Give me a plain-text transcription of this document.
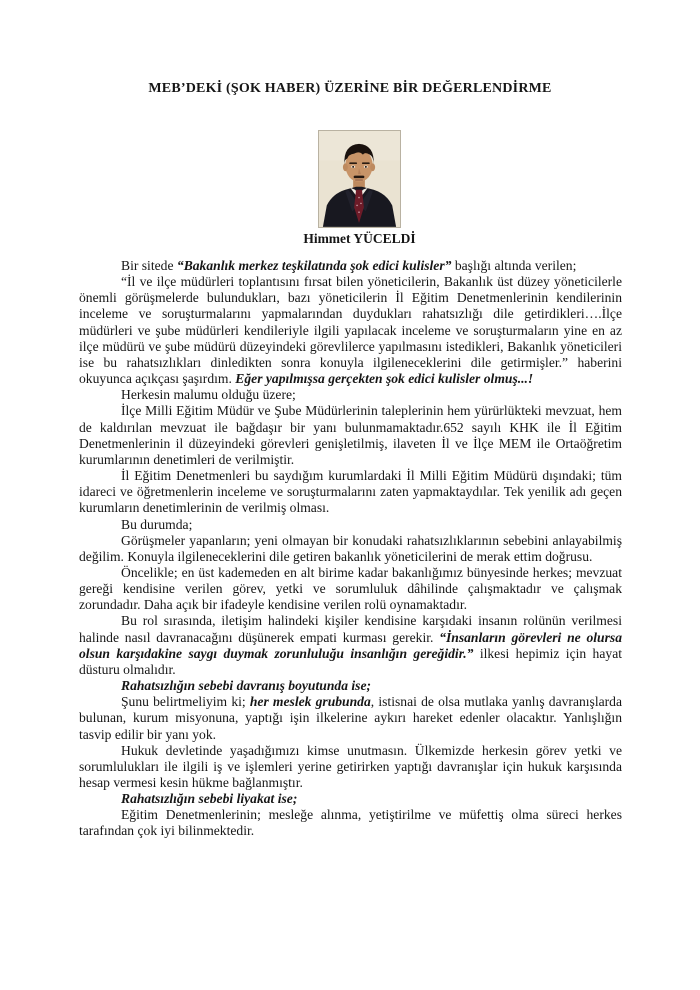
MEB’DEKİ (ŞOK HABER) ÜZERİNE BİR DEĞERLENDİRME
Himmet YÜCELDİ

Bir sitede “Bakanlık merkez teşkilatında şok edici kulisler” başlığı altında verilen;

“İl ve ilçe müdürleri toplantısını fırsat bilen yöneticilerin, Bakanlık üst düzey yöneticilerle önemli görüşmelerde bulundukları, bazı yöneticilerin İl Eğitim Denetmenlerinin kendilerinin inceleme ve soruşturmalarını yapmalarından duydukları rahatsızlığı dile getirdikleri….İlçe müdürleri ve şube müdürleri kendileriyle ilgili yapılacak inceleme ve soruşturmaların yine en az ilçe müdürü ve şube müdürü düzeyindeki görevlilerce yapılmasını istedikleri, Bakanlık yöneticileri ise bu rahatsızlıkları dinledikten sonra konuyla ilgileneceklerini dile getirmişler.” haberini okuyunca açıkçası şaşırdım. Eğer yapılmışsa gerçekten şok edici kulisler olmuş...!

Herkesin malumu olduğu üzere;

İlçe Milli Eğitim Müdür ve Şube Müdürlerinin taleplerinin hem yürürlükteki mevzuat, hem de kaldırılan mevzuat ile bağdaşır bir yanı bulunmamaktadır.652 sayılı KHK ile İl Eğitim Denetmenlerinin il düzeyindeki görevleri genişletilmiş, ilaveten İl ve İlçe MEM ile Ortaöğretim kurumlarının denetimleri de verilmiştir.

İl Eğitim Denetmenleri bu saydığım kurumlardaki İl Milli Eğitim Müdürü dışındaki; tüm idareci ve öğretmenlerin inceleme ve soruşturmalarını zaten yapmaktaydılar. Tek yenilik adı geçen kurumların denetimlerinin de verilmiş olması.

Bu durumda;

Görüşmeler yapanların; yeni olmayan bir konudaki rahatsızlıklarının sebebini anlayabilmiş değilim. Konuyla ilgileneceklerini dile getiren bakanlık yöneticilerini de merak ettim doğrusu.

Öncelikle; en üst kademeden en alt birime kadar bakanlığımız bünyesinde herkes; mevzuat gereği kendisine verilen görev, yetki ve sorumluluk dâhilinde çalışmaktadır ve çalışmak zorundadır. Daha açık bir ifadeyle kendisine verilen rolü oynamaktadır.

Bu rol sırasında, iletişim halindeki kişiler kendisine karşıdaki insanın rolünün verilmesi halinde nasıl davranacağını düşünerek empati kurması gerekir. “İnsanların görevleri ne olursa olsun karşıdakine saygı duymak zorunluluğu insanlığın gereğidir.” ilkesi hepimiz için hayat düsturu olmalıdır.

Rahatsızlığın sebebi davranış boyutunda ise;

Şunu belirtmeliyim ki; her meslek grubunda, istisnai de olsa mutlaka yanlış davranışlarda bulunan, kurum misyonuna, yaptığı işin ilkelerine aykırı hareket edenler olacaktır. Yanlışlığın tasvip edilir bir yanı yok.

Hukuk devletinde yaşadığımızı kimse unutmasın. Ülkemizde herkesin görev yetki ve sorumlulukları ile ilgili iş ve işlemleri yerine getirirken yaptığı davranışlar için hukuk karşısında hesap vermesi kesin hükme bağlanmıştır.

Rahatsızlığın sebebi liyakat ise;

Eğitim Denetmenlerinin; mesleğe alınma, yetiştirilme ve müfettiş olma süreci herkes tarafından çok iyi bilinmektedir.
